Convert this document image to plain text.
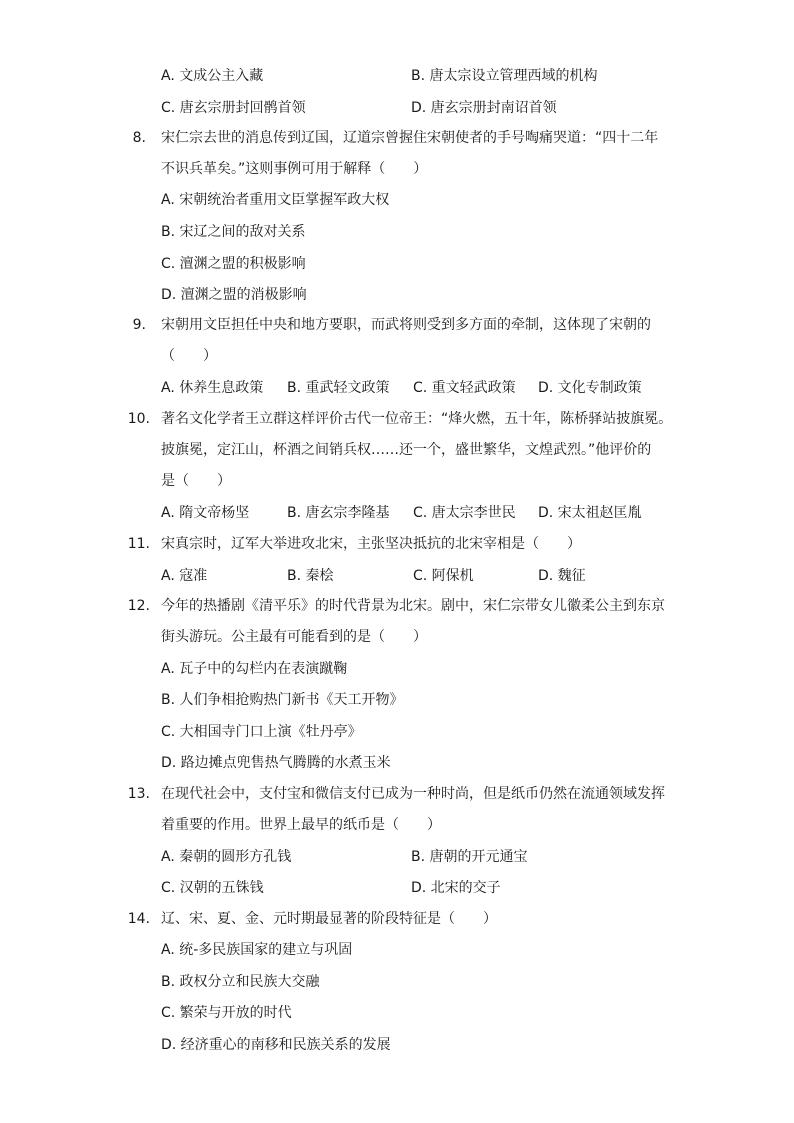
A. 文成公主入藏	B. 唐太宗设立管理西域的机构
C. 唐玄宗册封回鹘首领	D. 唐玄宗册封南诏首领
8. 宋仁宗去世的消息传到辽国，辽道宗曾握住宋朝使者的手号啕痛哭道：“四十二年
不识兵革矣。”这则事例可用于解释（　　）
A. 宋朝统治者重用文臣掌握军政大权
B. 宋辽之间的敌对关系
C. 澶渊之盟的积极影响
D. 澶渊之盟的消极影响
9. 宋朝用文臣担任中央和地方要职，而武将则受到多方面的牵制，这体现了宋朝的
（　　）
A. 休养生息政策 B. 重武轻文政策 C. 重文轻武政策 D. 文化专制政策
10. 著名文化学者王立群这样评价古代一位帝王：“烽火燃，五十年，陈桥驿站披旗冕。
披旗冕，定江山，杯酒之间销兵权……还一个，盛世繁华，文煌武烈。”他评价的
是（　　）
A. 隋文帝杨坚	B. 唐玄宗李隆基 C. 唐太宗李世民 D. 宋太祖赵匡胤
11. 宋真宗时，辽军大举进攻北宋，主张坚决抵抗的北宋宰相是（　　）
A. 寇准	B. 秦桧	C. 阿保机	D. 魏征
12. 今年的热播剧《清平乐》的时代背景为北宋。剧中，宋仁宗带女儿徽柔公主到东京
街头游玩。公主最有可能看到的是（　　）
A. 瓦子中的勾栏内在表演蹴鞠
B. 人们争相抢购热门新书《天工开物》
C. 大相国寺门口上演《牡丹亭》
D. 路边摊点兜售热气腾腾的水煮玉米
13. 在现代社会中，支付宝和微信支付已成为一种时尚，但是纸币仍然在流通领域发挥
着重要的作用。世界上最早的纸币是（　　）
A. 秦朝的圆形方孔钱	B. 唐朝的开元通宝
C. 汉朝的五铢钱	D. 北宋的交子
14. 辽、宋、夏、金、元时期最显著的阶段特征是（　　）
A. 统-多民族国家的建立与巩固
B. 政权分立和民族大交融
C. 繁荣与开放的时代
D. 经济重心的南移和民族关系的发展
